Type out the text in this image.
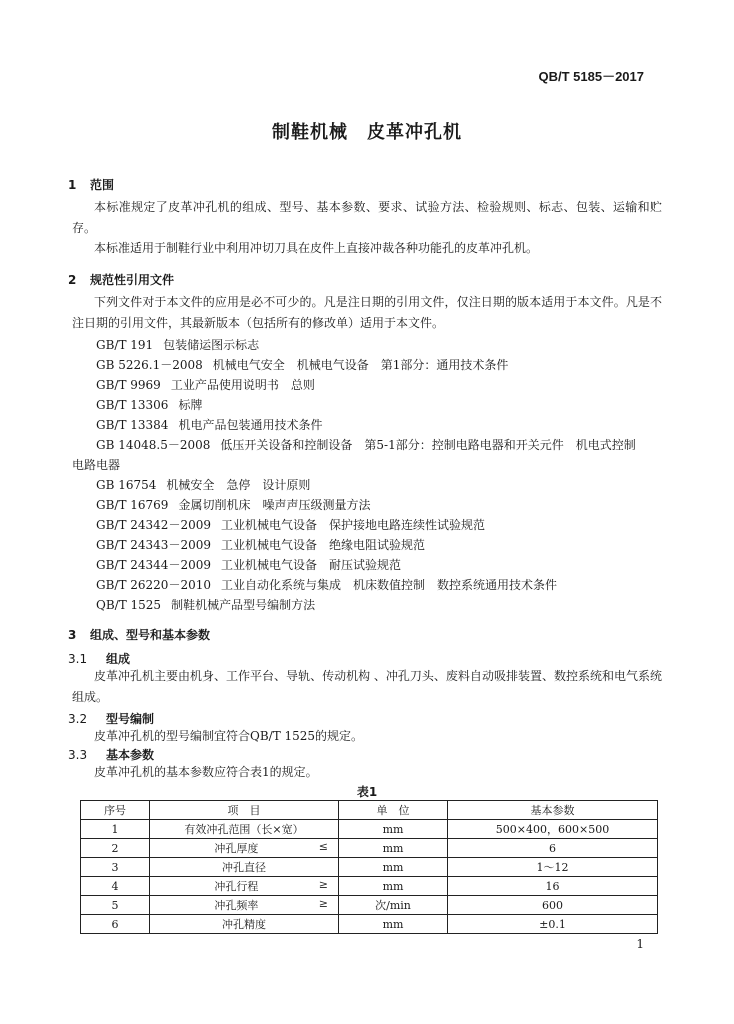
QB/T 5185－2017
制鞋机械　皮革冲孔机
1 范围
本标准规定了皮革冲孔机的组成、型号、基本参数、要求、试验方法、检验规则、标志、包装、运输和贮存。
本标准适用于制鞋行业中利用冲切刀具在皮件上直接冲裁各种功能孔的皮革冲孔机。
2 规范性引用文件
下列文件对于本文件的应用是必不可少的。凡是注日期的引用文件，仅注日期的版本适用于本文件。凡是不注日期的引用文件，其最新版本（包括所有的修改单）适用于本文件。
GB/T 191 包装储运图示标志
GB 5226.1－2008 机械电气安全　机械电气设备　第1部分：通用技术条件
GB/T 9969 工业产品使用说明书　总则
GB/T 13306 标牌
GB/T 13384 机电产品包装通用技术条件
GB 14048.5－2008 低压开关设备和控制设备　第5-1部分：控制电路电器和开关元件　机电式控制
电路电器
GB 16754 机械安全　急停　设计原则
GB/T 16769 金属切削机床　噪声声压级测量方法
GB/T 24342－2009 工业机械电气设备　保护接地电路连续性试验规范
GB/T 24343－2009 工业机械电气设备　绝缘电阻试验规范
GB/T 24344－2009 工业机械电气设备　耐压试验规范
GB/T 26220－2010 工业自动化系统与集成　机床数值控制　数控系统通用技术条件
QB/T 1525 制鞋机械产品型号编制方法
3 组成、型号和基本参数
3.1 组成
皮革冲孔机主要由机身、工作平台、导轨、传动机构 、冲孔刀头、废料自动吸排装置、数控系统和电气系统组成。
3.2 型号编制
皮革冲孔机的型号编制宜符合QB/T 1525的规定。
3.3 基本参数
皮革冲孔机的基本参数应符合表1的规定。
表1
序号	项　目	单　位	基本参数
1	有效冲孔范围（长×宽）	mm	500×400，600×500
2	冲孔厚度 ≤	mm	6
3	冲孔直径	mm	1～12
4	冲孔行程 ≥	mm	16
5	冲孔频率 ≥	次/min	600
6	冲孔精度	mm	±0.1
1
